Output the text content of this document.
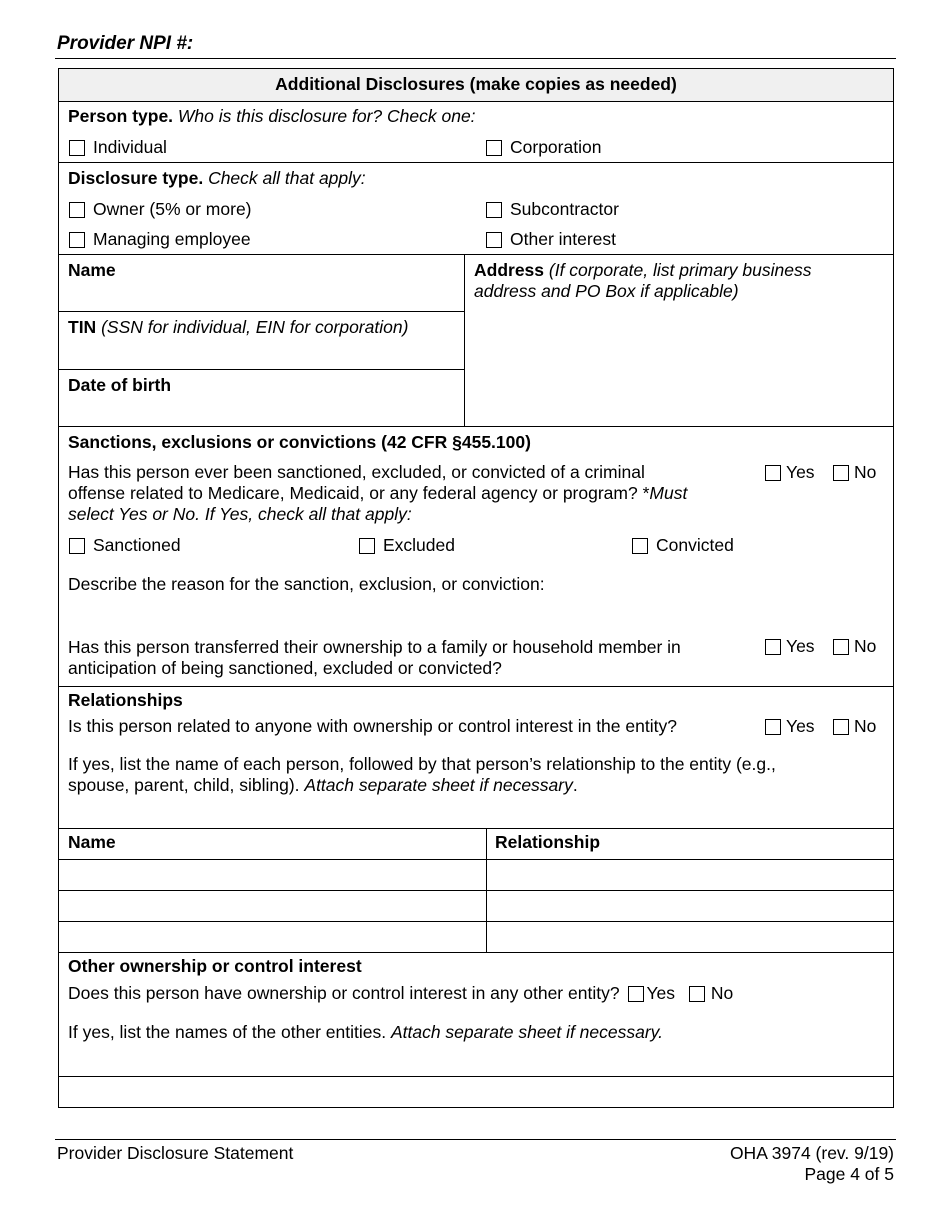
Provider NPI #:
Additional Disclosures (make copies as needed)
Person type. Who is this disclosure for? Check one:
Individual	Corporation
Disclosure type. Check all that apply:
Owner (5% or more)	Subcontractor
Managing employee	Other interest
Name
TIN (SSN for individual, EIN for corporation)
Date of birth
Address (If corporate, list primary business
address and PO Box if applicable)
Sanctions, exclusions or convictions (42 CFR §455.100)
Has this person ever been sanctioned, excluded, or convicted of a criminal
offense related to Medicare, Medicaid, or any federal agency or program? *Must
select Yes or No. If Yes, check all that apply:
Yes	No
Sanctioned	Excluded	Convicted
Describe the reason for the sanction, exclusion, or conviction:
Has this person transferred their ownership to a family or household member in
anticipation of being sanctioned, excluded or convicted?
Yes	No
Relationships
Is this person related to anyone with ownership or control interest in the entity?	Yes	No
If yes, list the name of each person, followed by that person’s relationship to the entity (e.g.,
spouse, parent, child, sibling). Attach separate sheet if necessary.
Name	Relationship
Other ownership or control interest
Does this person have ownership or control interest in any other entity? Yes No
If yes, list the names of the other entities. Attach separate sheet if necessary.
Provider Disclosure Statement	OHA 3974 (rev. 9/19)
Page 4 of 5
